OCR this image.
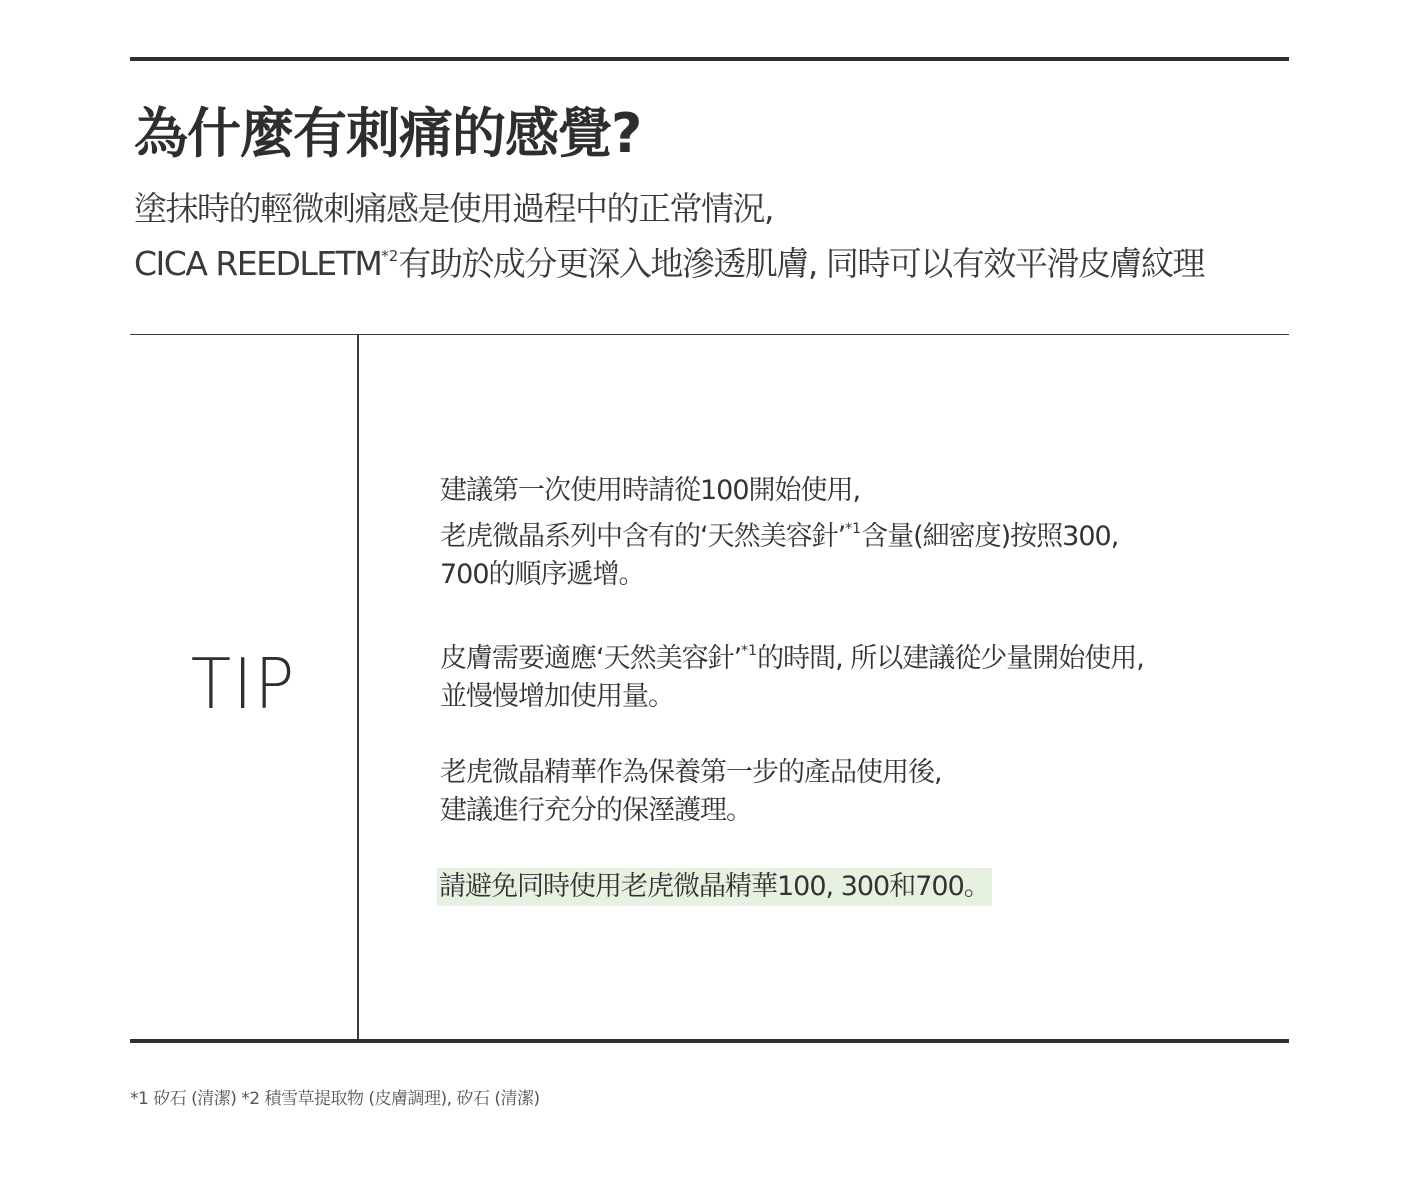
為什麼有刺痛的感覺?
塗抹時的輕微刺痛感是使用過程中的正常情況,
CICA REEDLETM$^{*2}$有助於成分更深入地滲透肌膚, 同時可以有效平滑皮膚紋理
TIP

建議第一次使用時請從100開始使用,
老虎微晶系列中含有的‘天然美容針’$^{*1}$含量(細密度)按照300,
700的順序遞增。

皮膚需要適應‘天然美容針’$^{*1}$的時間, 所以建議從少量開始使用,
並慢慢增加使用量。

老虎微晶精華作為保養第一步的產品使用後,
建議進行充分的保溼護理。

請避免同時使用老虎微晶精華100, 300和700。

*1 矽石 (清潔) *2 積雪草提取物 (皮膚調理), 矽石 (清潔)
